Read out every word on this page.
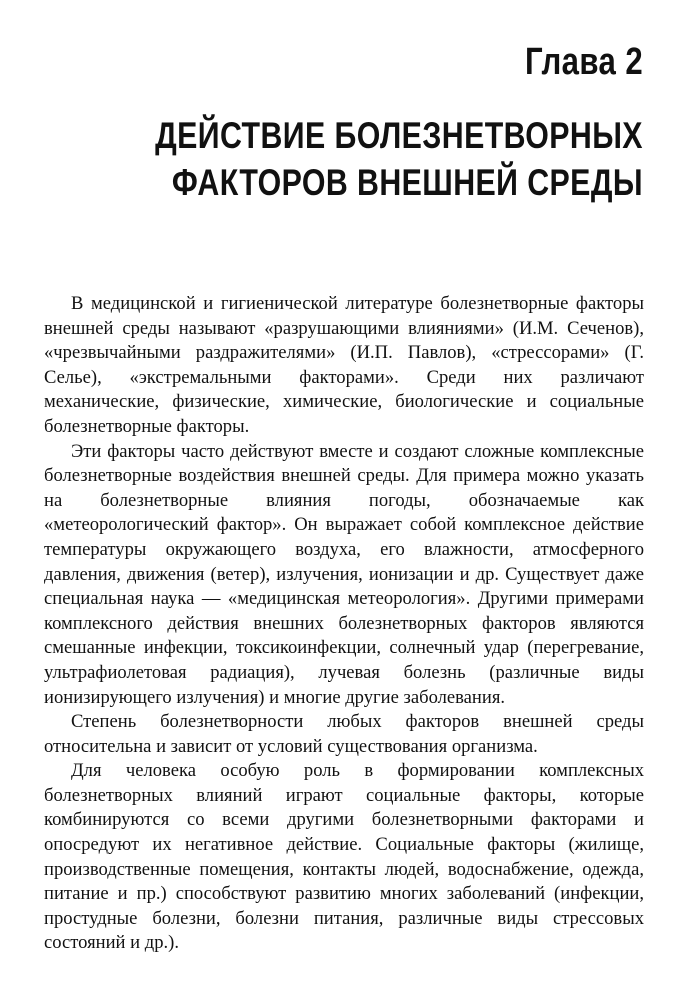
Глава 2
ДЕЙСТВИЕ БОЛЕЗНЕТВОРНЫХ
ФАКТОРОВ ВНЕШНЕЙ СРЕДЫ

В медицинской и гигиенической литературе болезнетворные факторы внешней среды называют «разрушающими влияниями» (И.М. Сеченов), «чрезвычайными раздражителями» (И.П. Павлов), «стрессорами» (Г. Селье), «экстремальными факторами». Среди них различают механические, физические, химические, биологические и социальные болезнетворные факторы.

Эти факторы часто действуют вместе и создают сложные комплексные болезнетворные воздействия внешней среды. Для примера можно указать на болезнетворные влияния погоды, обозначаемые как «метеорологический фактор». Он выражает собой комплексное действие температуры окружающего воздуха, его влажности, атмосферного давления, движения (ветер), излучения, ионизации и др. Существует даже специальная наука — «медицинская метеорология». Другими примерами комплексного действия внешних болезнетворных факторов являются смешанные инфекции, токсикоинфекции, солнечный удар (перегревание, ультрафиолетовая радиация), лучевая болезнь (различные виды ионизирующего излучения) и многие другие заболевания.

Степень болезнетворности любых факторов внешней среды относительна и зависит от условий существования организма.

Для человека особую роль в формировании комплексных болезнетворных влияний играют социальные факторы, которые комбинируются со всеми другими болезнетворными факторами и опосредуют их негативное действие. Социальные факторы (жилище, производственные помещения, контакты людей, водоснабжение, одежда, питание и пр.) способствуют развитию многих заболеваний (инфекции, простудные болезни, болезни питания, различные виды стрессовых состояний и др.).
